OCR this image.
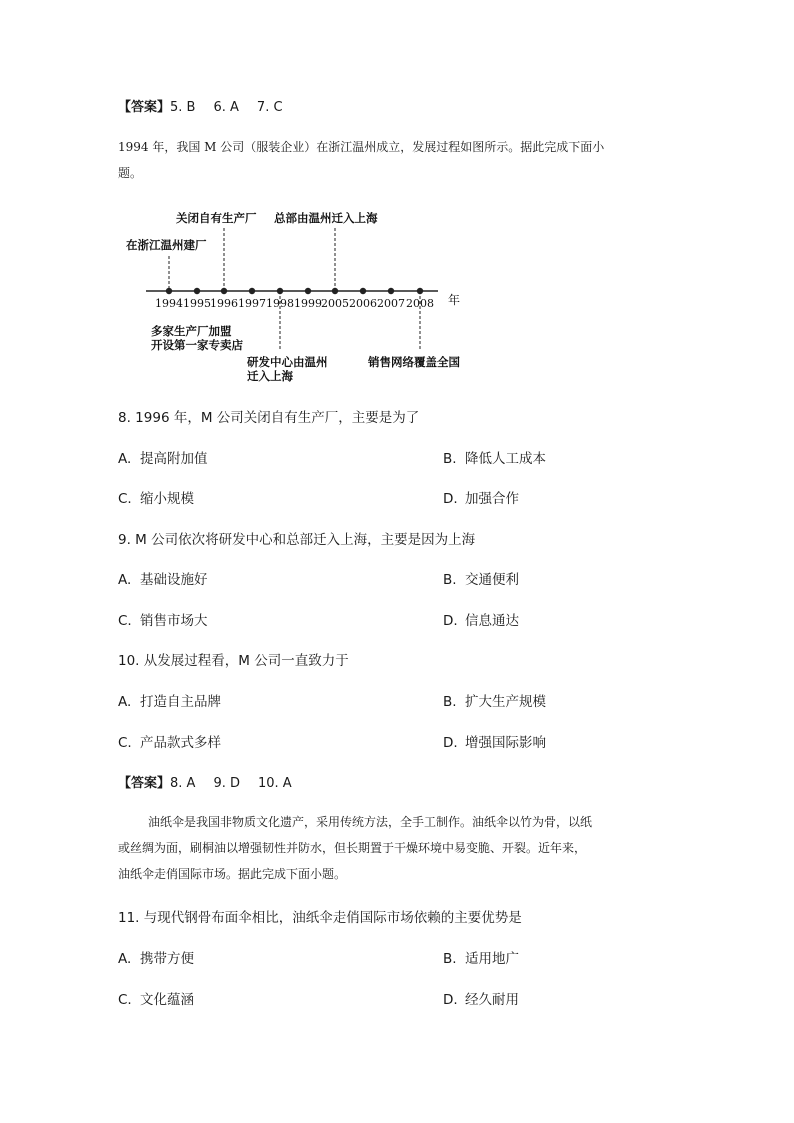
【答案】5. B 6. A 7. C
1994 年，我国 M 公司（服装企业）在浙江温州成立，发展过程如图所示。据此完成下面小
题。
1994 1995 1996 1997 1998 1999 2005 2006 2007 2008 年
在浙江温州建厂
关闭自有生产厂 总部由温州迁入上海
多家生产厂加盟
开设第一家专卖店
研发中心由温州
迁入上海
销售网络覆盖全国
8. 1996 年，M 公司关闭自有生产厂，主要是为了
A. 提高附加值	B. 降低人工成本
C. 缩小规模	D. 加强合作
9. M 公司依次将研发中心和总部迁入上海，主要是因为上海
A. 基础设施好	B. 交通便利
C. 销售市场大	D. 信息通达
10. 从发展过程看，M 公司一直致力于
A. 打造自主品牌	B. 扩大生产规模
C. 产品款式多样	D. 增强国际影响
【答案】8. A 9. D 10. A
油纸伞是我国非物质文化遗产，采用传统方法，全手工制作。油纸伞以竹为骨，以纸
或丝绸为面，刷桐油以增强韧性并防水，但长期置于干燥环境中易变脆、开裂。近年来，
油纸伞走俏国际市场。据此完成下面小题。
11. 与现代钢骨布面伞相比，油纸伞走俏国际市场依赖的主要优势是
A. 携带方便	B. 适用地广
C. 文化蕴涵	D. 经久耐用
